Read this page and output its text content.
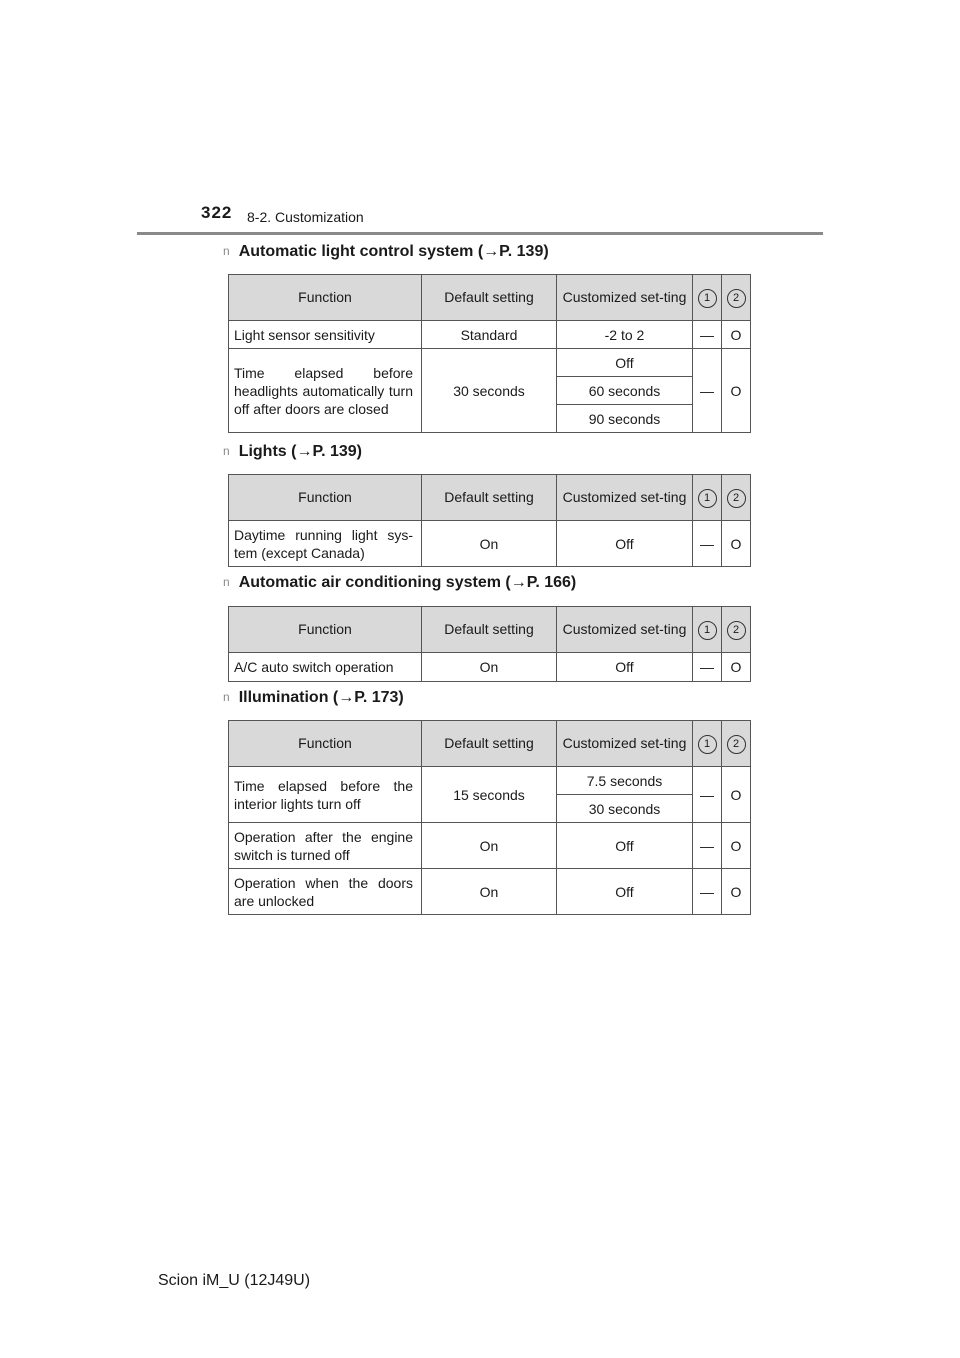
322 8-2. Customization
n Automatic light control system (→P. 139)
Function	Default setting	Customized set-ting	1	2
Light sensor sensitivity	Standard	-2 to 2	—	O
Time elapsed before headlights automatically turn off after doors are closed	30 seconds	Off	—	O
		60 seconds		
		90 seconds		
n Lights (→P. 139)
Function	Default setting	Customized set-ting	1	2
Daytime running light sys-tem (except Canada)	On	Off	—	O
n Automatic air conditioning system (→P. 166)
Function	Default setting	Customized set-ting	1	2
A/C auto switch operation	On	Off	—	O
n Illumination (→P. 173)
Function	Default setting	Customized set-ting	1	2
Time elapsed before the interior lights turn off	15 seconds	7.5 seconds	—	O
		30 seconds		
Operation after the engine switch is turned off	On	Off	—	O
Operation when the doors are unlocked	On	Off	—	O
Scion iM_U (12J49U)
